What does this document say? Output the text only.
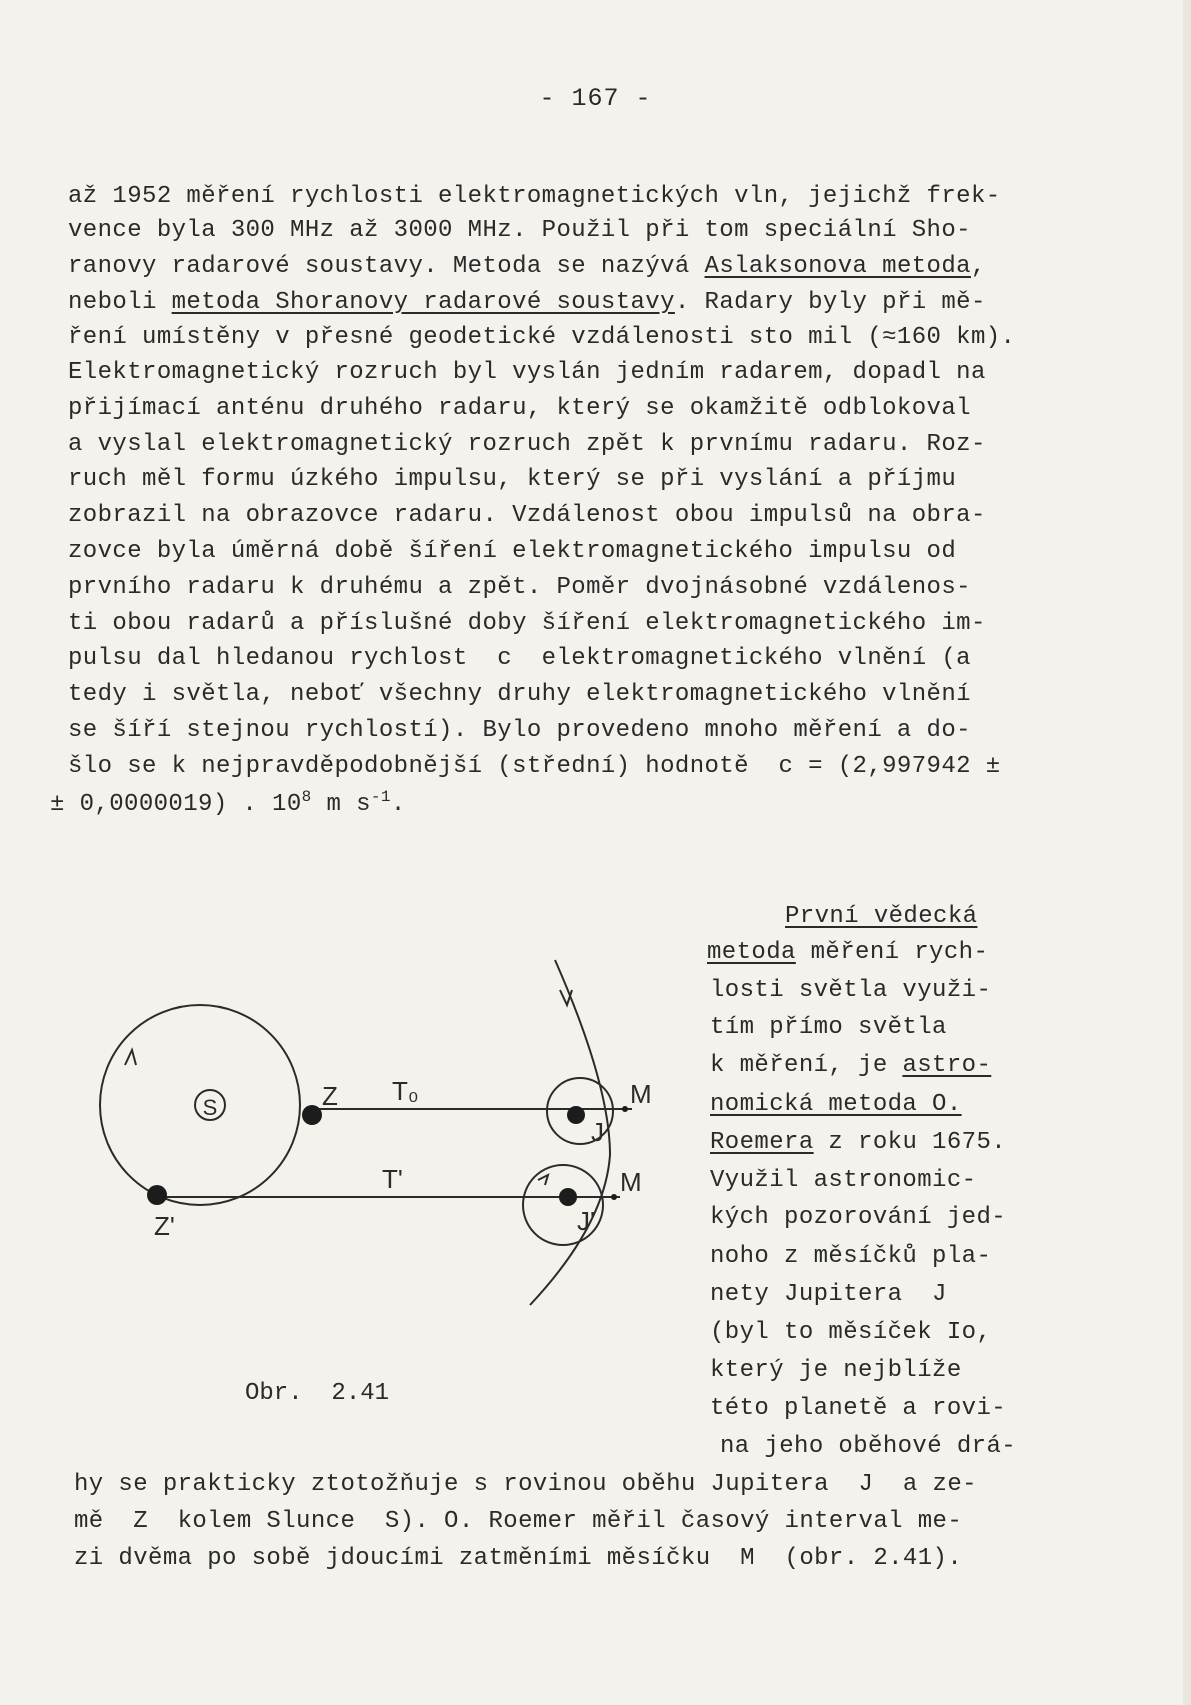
- 167 -
až 1952 měření rychlosti elektromagnetických vln, jejichž frek-
vence byla 300 MHz až 3000 MHz. Použil při tom speciální Sho-
ranovy radarové soustavy. Metoda se nazývá Aslaksonova metoda,
neboli metoda Shoranovy radarové soustavy. Radary byly při mě-
ření umístěny v přesné geodetické vzdálenosti sto mil (≈160 km).
Elektromagnetický rozruch byl vyslán jedním radarem, dopadl na
přijímací anténu druhého radaru, který se okamžitě odblokoval
a vyslal elektromagnetický rozruch zpět k prvnímu radaru. Roz-
ruch měl formu úzkého impulsu, který se při vyslání a příjmu
zobrazil na obrazovce radaru. Vzdálenost obou impulsů na obra-
zovce byla úměrná době šíření elektromagnetického impulsu od
prvního radaru k druhému a zpět. Poměr dvojnásobné vzdálenos-
ti obou radarů a příslušné doby šíření elektromagnetického im-
pulsu dal hledanou rychlost  c  elektromagnetického vlnění (a
tedy i světla, neboť všechny druhy elektromagnetického vlnění
se šíří stejnou rychlostí). Bylo provedeno mnoho měření a do-
šlo se k nejpravděpodobnější (střední) hodnotě  c = (2,997942 ±
± 0,0000019) . $10^8$ m $s^{-1}$.
První vědecká
metoda měření rych-
losti světla využi-
tím přímo světla
k měření, je astro-
nomická metoda O.
Roemera z roku 1675.
Využil astronomic-
kých pozorování jed-
noho z měsíčků pla-
nety Jupitera  J
(byl to měsíček Io,
který je nejblíže
této planetě a rovi-
na jeho oběhové drá-
hy se prakticky ztotožňuje s rovinou oběhu Jupitera  J  a ze-
mě  Z  kolem Slunce  S). O. Roemer měřil časový interval me-
zi dvěma po sobě jdoucími zatměními měsíčku  M  (obr. 2.41).
S	Z
Z'
T₀
T'
J
J'
M
M
Obr.  2.41
